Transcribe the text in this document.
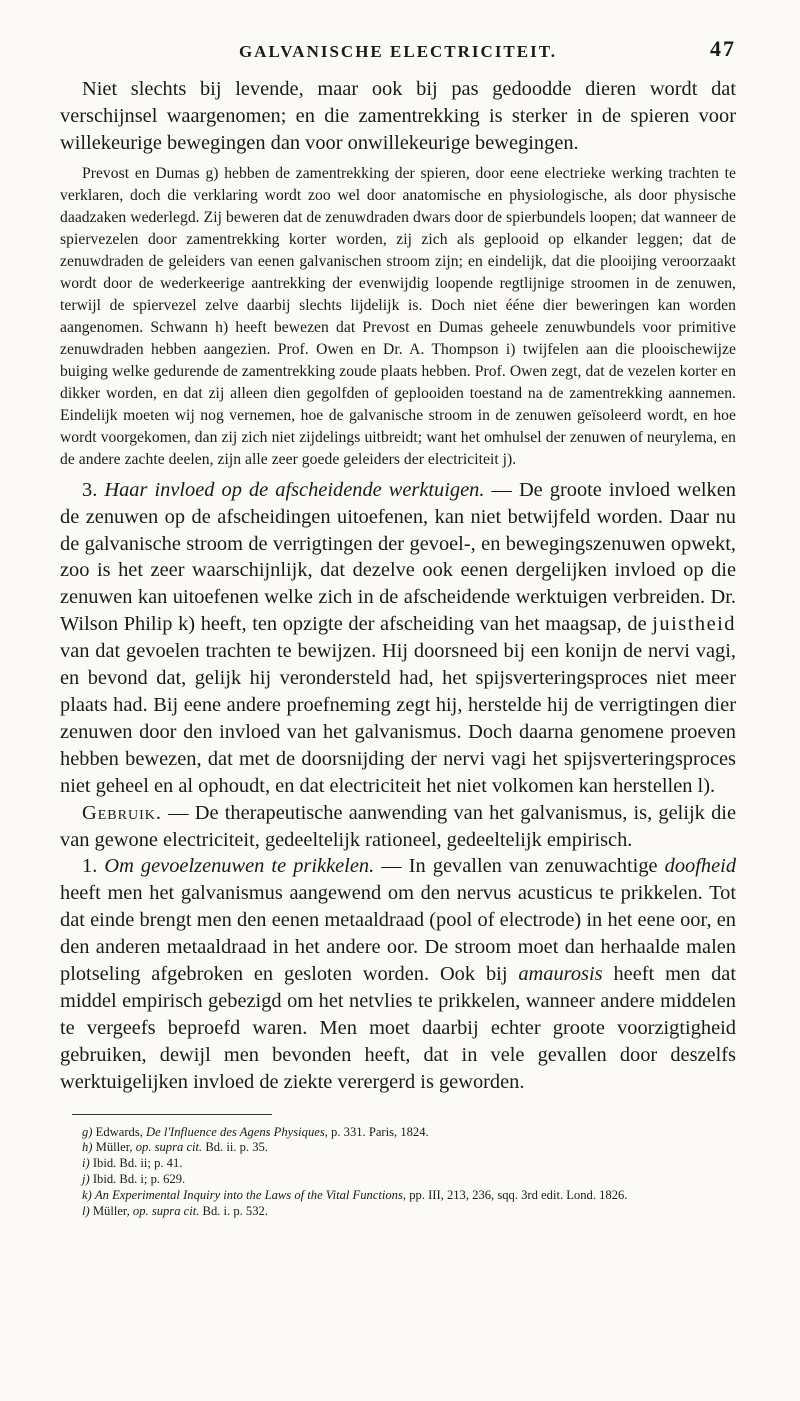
GALVANISCHE ELECTRICITEIT.	47

Niet slechts bij levende, maar ook bij pas gedoodde dieren wordt dat verschijnsel waargenomen; en die zamentrekking is sterker in de spieren voor willekeurige bewegingen dan voor onwillekeurige bewegingen.

Prevost en Dumas g) hebben de zamentrekking der spieren, door eene electrieke werking trachten te verklaren, doch die verklaring wordt zoo wel door anatomische en physiologische, als door physische daadzaken wederlegd. Zij beweren dat de zenuwdraden dwars door de spierbundels loopen; dat wanneer de spiervezelen door zamentrekking korter worden, zij zich als geplooid op elkander leggen; dat de zenuwdraden de geleiders van eenen galvanischen stroom zijn; en eindelijk, dat die plooijing veroorzaakt wordt door de wederkeerige aantrekking der evenwijdig loopende regtlijnige stroomen in de zenuwen, terwijl de spiervezel zelve daarbij slechts lijdelijk is. Doch niet ééne dier beweringen kan worden aangenomen. Schwann h) heeft bewezen dat Prevost en Dumas geheele zenuwbundels voor primitive zenuwdraden hebben aangezien. Prof. Owen en Dr. A. Thompson i) twijfelen aan die plooischewijze buiging welke gedurende de zamentrekking zoude plaats hebben. Prof. Owen zegt, dat de vezelen korter en dikker worden, en dat zij alleen dien gegolfden of geplooiden toestand na de zamentrekking aannemen. Eindelijk moeten wij nog vernemen, hoe de galvanische stroom in de zenuwen geïsoleerd wordt, en hoe wordt voorgekomen, dan zij zich niet zijdelings uitbreidt; want het omhulsel der zenuwen of neurylema, en de andere zachte deelen, zijn alle zeer goede geleiders der electriciteit j).

3. Haar invloed op de afscheidende werktuigen. — De groote invloed welken de zenuwen op de afscheidingen uitoefenen, kan niet betwijfeld worden. Daar nu de galvanische stroom de verrigtingen der gevoel-, en bewegingszenuwen opwekt, zoo is het zeer waarschijnlijk, dat dezelve ook eenen dergelijken invloed op die zenuwen kan uitoefenen welke zich in de afscheidende werktuigen verbreiden. Dr. Wilson Philip k) heeft, ten opzigte der afscheiding van het maagsap, de juistheid van dat gevoelen trachten te bewijzen. Hij doorsneed bij een konijn de nervi vagi, en bevond dat, gelijk hij verondersteld had, het spijsverteringsproces niet meer plaats had. Bij eene andere proefneming zegt hij, herstelde hij de verrigtingen dier zenuwen door den invloed van het galvanismus. Doch daarna genomene proeven hebben bewezen, dat met de doorsnijding der nervi vagi het spijsverteringsproces niet geheel en al ophoudt, en dat electriciteit het niet volkomen kan herstellen l).

Gebruik. — De therapeutische aanwending van het galvanismus, is, gelijk die van gewone electriciteit, gedeeltelijk rationeel, gedeeltelijk empirisch.

1. Om gevoelzenuwen te prikkelen. — In gevallen van zenuwachtige doofheid heeft men het galvanismus aangewend om den nervus acusticus te prikkelen. Tot dat einde brengt men den eenen metaaldraad (pool of electrode) in het eene oor, en den anderen metaaldraad in het andere oor. De stroom moet dan herhaalde malen plotseling afgebroken en gesloten worden. Ook bij amaurosis heeft men dat middel empirisch gebezigd om het netvlies te prikkelen, wanneer andere middelen te vergeefs beproefd waren. Men moet daarbij echter groote voorzigtigheid gebruiken, dewijl men bevonden heeft, dat in vele gevallen door deszelfs werktuigelijken invloed de ziekte verergerd is geworden.

g) Edwards, De l'Influence des Agens Physiques, p. 331. Paris, 1824.

h) Müller, op. supra cit. Bd. ii. p. 35.

i) Ibid. Bd. ii; p. 41.

j) Ibid. Bd. i; p. 629.

k) An Experimental Inquiry into the Laws of the Vital Functions, pp. III, 213, 236, sqq. 3rd edit. Lond. 1826.

l) Müller, op. supra cit. Bd. i. p. 532.
